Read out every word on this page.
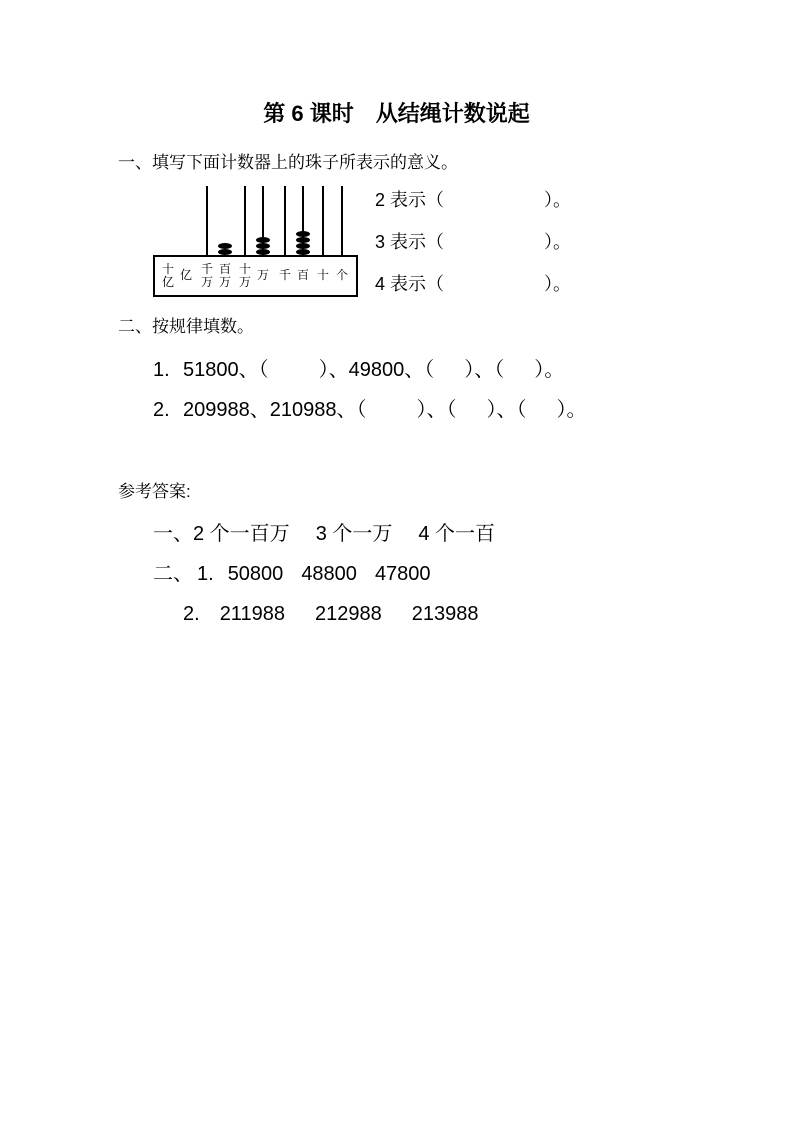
第 6 课时 从结绳计数说起
一、填写下面计数器上的珠子所表示的意义。
十亿 亿 千万
百万
十万 万 千 百 十 个
2 表示（	）。
3 表示（	）。
4 表示（	）。
二、按规律填数。
1. 51800、（	）、49800、（ ）、（ ）。
2. 209988、210988、（	）、（ ）、（ ）。
参考答案:
一、 2 个一百万 3 个一万 4 个一百
二、 1. 50800 48800 47800
2. 211988 212988 213988
